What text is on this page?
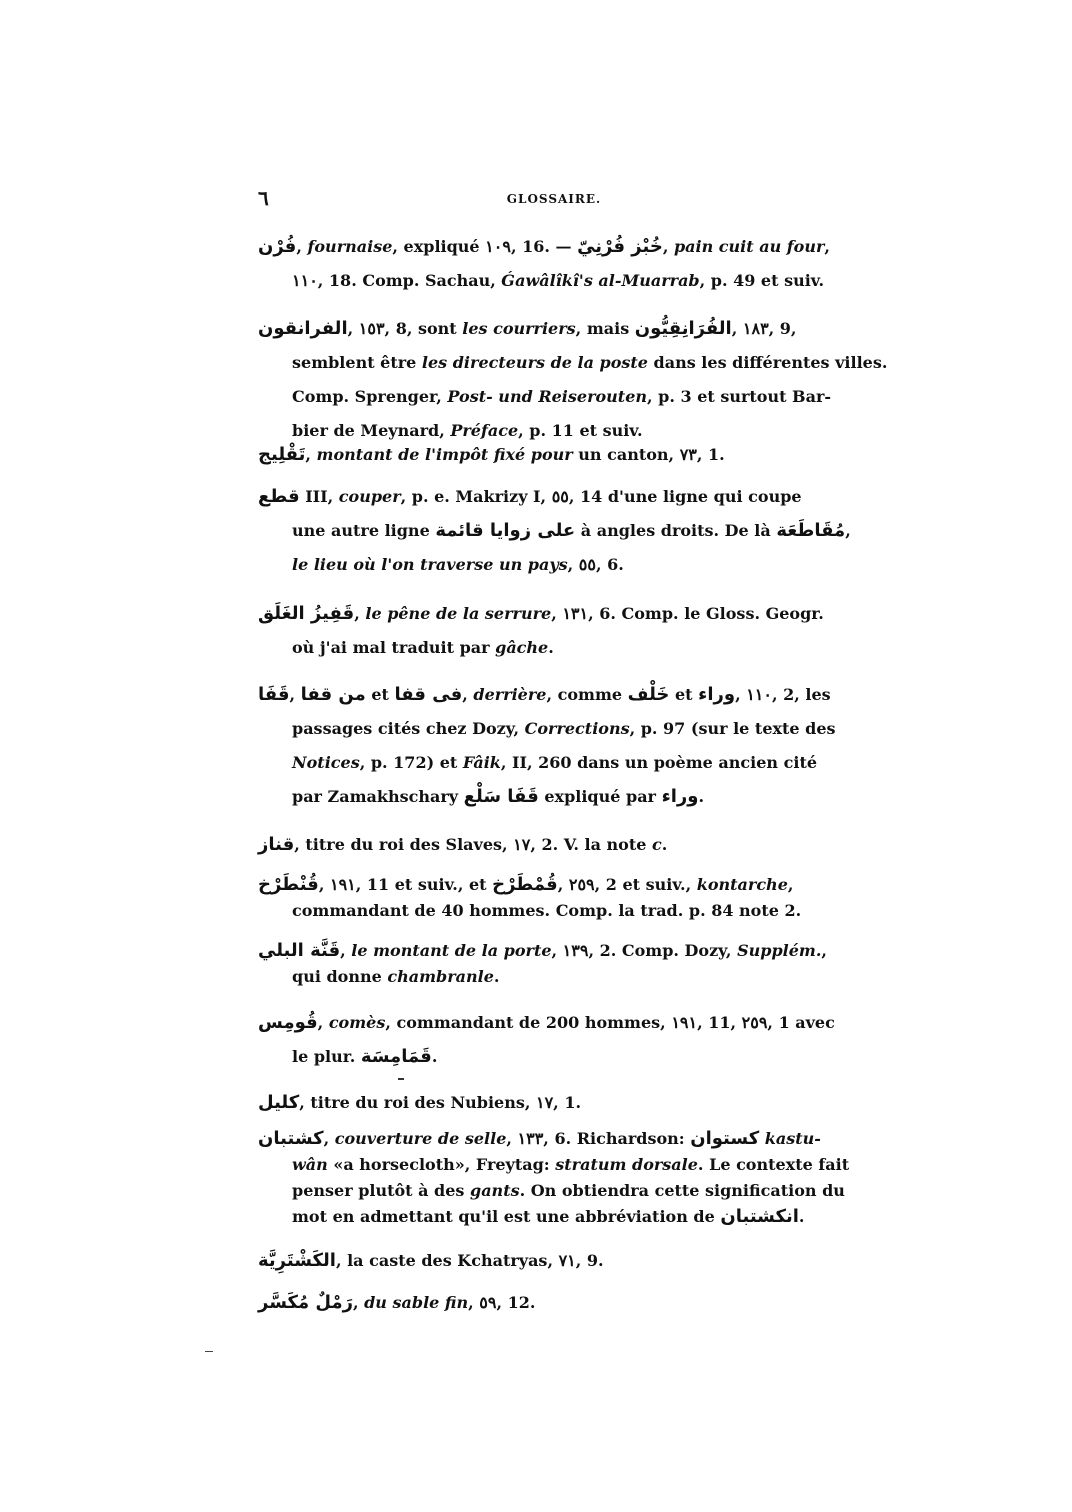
٦	GLOSSAIRE.
فُرْن, fournaise, expliqué ١٠٩, 16. — خُبْز فُرْنِيّ, pain cuit au four,
١١٠, 18. Comp. Sachau, Ǵawâlîkî's al-Muarrab, p. 49 et suiv.
الفرانقون, ١٥٣, 8, sont les courriers, mais الفُرَانِقِيُّون, ١٨٣, 9,
semblent être les directeurs de la poste dans les différentes villes.
Comp. Sprenger, Post- und Reiserouten, p. 3 et surtout Bar-
bier de Meynard, Préface, p. 11 et suiv.
تَقْلِيج, montant de l'impôt fixé pour un canton, ٧٣, 1.
قطع III, couper, p. e. Makrizy I, ٥٥, 14 d'une ligne qui coupe
une autre ligne على زوايا قائمة à angles droits. De là مُقَاطَعَة,
le lieu où l'on traverse un pays, ٥٥, 6.
قَفِيزُ الغَلَق, le pêne de la serrure, ١٣١, 6. Comp. le Gloss. Geogr.
où j'ai mal traduit par gâche.
قَفَا, من قفا et فى قفا, derrière, comme خَلْف et وراء, ١١٠, 2, les
passages cités chez Dozy, Corrections, p. 97 (sur le texte des
Notices, p. 172) et Fâik, II, 260 dans un poème ancien cité
par Zamakhschary قَفَا سَلْع expliqué par وراء.
قناز, titre du roi des Slaves, ١٧, 2. V. la note c.
قُنْطَرْخ, ١٩١, 11 et suiv., et قُمْطَرْخ, ٢٥٩, 2 et suiv., kontarche,
commandant de 40 hommes. Comp. la trad. p. 84 note 2.
قَنَّة البلي, le montant de la porte, ١٣٩, 2. Comp. Dozy, Supplém.,
qui donne chambranle.
قُومِس, comès, commandant de 200 hommes, ١٩١, 11, ٢٥٩, 1 avec
le plur. قَمَامِسَة.
كليل, titre du roi des Nubiens, ١٧, 1.
كشتبان, couverture de selle, ١٣٣, 6. Richardson: كستوان kastu-
wân «a horsecloth», Freytag: stratum dorsale. Le contexte fait
penser plutôt à des gants. On obtiendra cette signification du
mot en admettant qu'il est une abbréviation de انكشتبان.
الكَشْتَرِيَّة, la caste des Kchatryas, ٧١, 9.
رَمْلٌ مُكَسَّر, du sable fin, ٥٩, 12.
